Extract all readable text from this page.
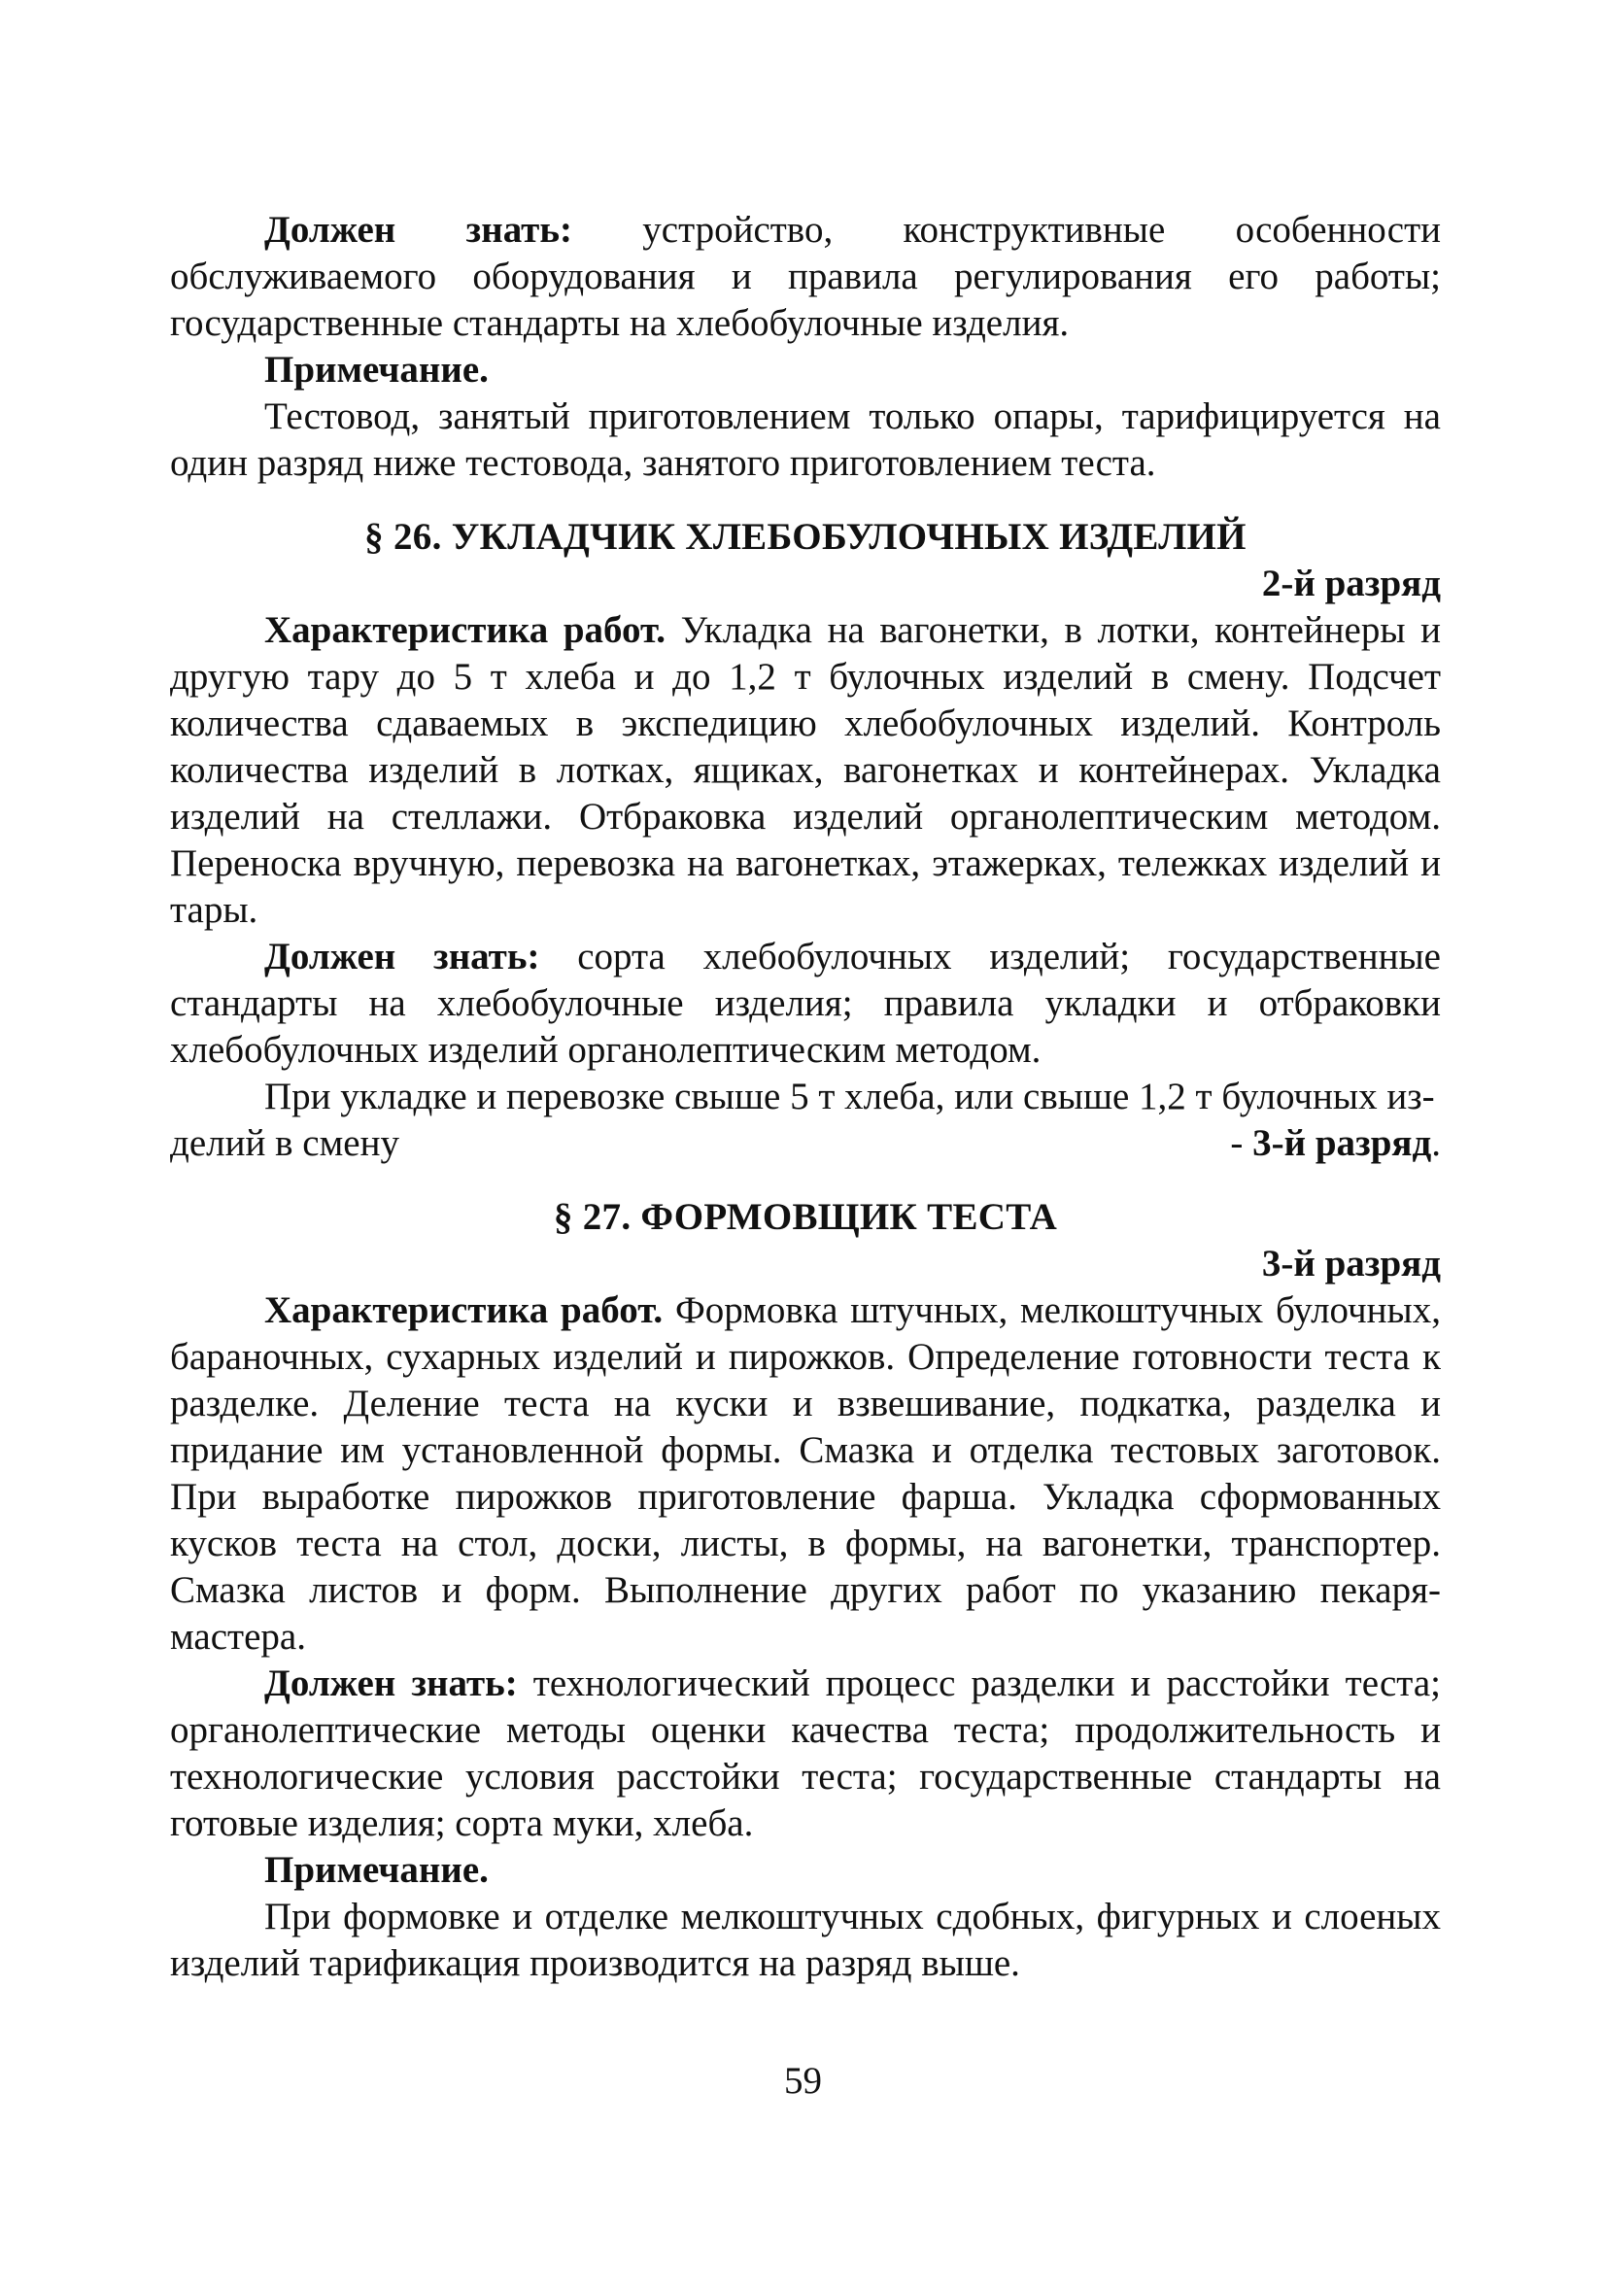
Должен знать: устройство, конструктивные особенности обслуживаемого оборудования и правила регулирования его работы; государственные стандарты на хлебобулочные изделия.

Примечание.

Тестовод, занятый приготовлением только опары, тарифицируется на один разряд ниже тестовода, занятого приготовлением теста.

§ 26. УКЛАДЧИК ХЛЕБОБУЛОЧНЫХ ИЗДЕЛИЙ

2-й разряд

Характеристика работ. Укладка на вагонетки, в лотки, контейнеры и другую тару до 5 т хлеба и до 1,2 т булочных изделий в смену. Подсчет количества сдаваемых в экспедицию хлебобулочных изделий. Контроль количества изделий в лотках, ящиках, вагонетках и контейнерах. Укладка изделий на стеллажи. Отбраковка изделий органолептическим методом. Переноска вручную, перевозка на вагонетках, этажерках, тележках изделий и тары.

Должен знать: сорта хлебобулочных изделий; государственные стандарты на хлебобулочные изделия; правила укладки и отбраковки хлебобулочных изделий органолептическим методом.

При укладке и перевозке свыше 5 т хлеба, или свыше 1,2 т булочных из-

делий в смену	- 3-й разряд.

§ 27. ФОРМОВЩИК ТЕСТА

3-й разряд

Характеристика работ. Формовка штучных, мелкоштучных булочных, бараночных, сухарных изделий и пирожков. Определение готовности теста к разделке. Деление теста на куски и взвешивание, подкатка, разделка и придание им установленной формы. Смазка и отделка тестовых заготовок. При выработке пирожков приготовление фарша. Укладка сформованных кусков теста на стол, доски, листы, в формы, на вагонетки, транспортер. Смазка листов и форм. Выполнение других работ по указанию пекаря-мастера.

Должен знать: технологический процесс разделки и расстойки теста; органолептические методы оценки качества теста; продолжительность и технологические условия расстойки теста; государственные стандарты на готовые изделия; сорта муки, хлеба.

Примечание.

При формовке и отделке мелкоштучных сдобных, фигурных и слоеных изделий тарификация производится на разряд выше.

59
